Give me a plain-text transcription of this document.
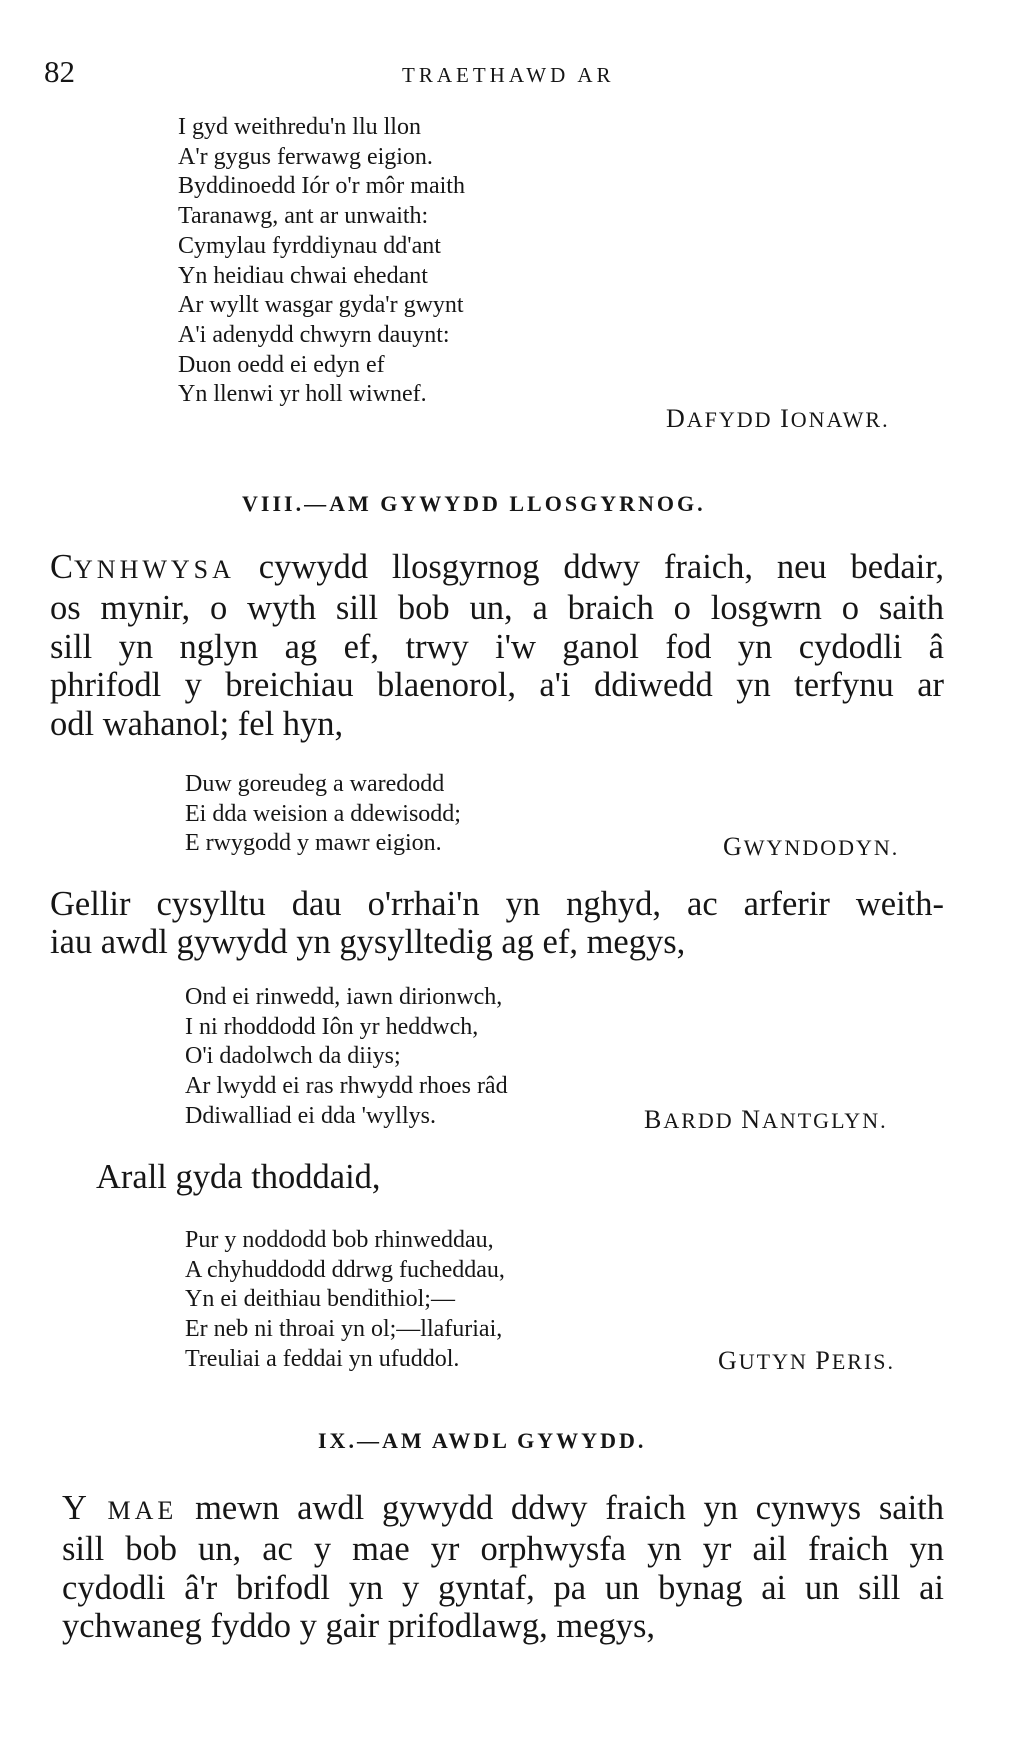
82	TRAETHAWD AR
I gyd weithredu'n llu llon
A'r gygus ferwawg eigion.
Byddinoedd Iór o'r môr maith
Taranawg, ant ar unwaith:
Cymylau fyrddiynau dd'ant
Yn heidiau chwai ehedant
Ar wyllt wasgar gyda'r gwynt
A'i adenydd chwyrn dauynt:
Duon oedd ei edyn ef
Yn llenwi yr holl wiwnef.
DAFYDD IONAWR.
VIII.—AM GYWYDD LLOSGYRNOG.
CYNHWYSA cywydd llosgyrnog ddwy fraich, neu bedair,
os mynir, o wyth sill bob un, a braich o losgwrn o saith
sill yn nglyn ag ef, trwy i'w ganol fod yn cydodli â
phrifodl y breichiau blaenorol, a'i ddiwedd yn terfynu ar
odl wahanol; fel hyn,
Duw goreudeg a waredodd
Ei dda weision a ddewisodd;
E rwygodd y mawr eigion.	GWYNDODYN.
Gellir cysylltu dau o'rrhai'n yn nghyd, ac arferir weith-
iau awdl gywydd yn gysylltedig ag ef, megys,
Ond ei rinwedd, iawn dirionwch,
I ni rhoddodd Iôn yr heddwch,
O'i dadolwch da diiys;
Ar lwydd ei ras rhwydd rhoes râd
Ddiwalliad ei dda 'wyllys.	BARDD NANTGLYN.
Arall gyda thoddaid,
Pur y noddodd bob rhinweddau,
A chyhuddodd ddrwg fucheddau,
Yn ei deithiau bendithiol;—
Er neb ni throai yn ol;—llafuriai,
Treuliai a feddai yn ufuddol.	GUTYN PERIS.
IX.—AM AWDL GYWYDD.
Y MAE mewn awdl gywydd ddwy fraich yn cynwys saith
sill bob un, ac y mae yr orphwysfa yn yr ail fraich yn
cydodli â'r brifodl yn y gyntaf, pa un bynag ai un sill ai
ychwaneg fyddo y gair prifodlawg, megys,
